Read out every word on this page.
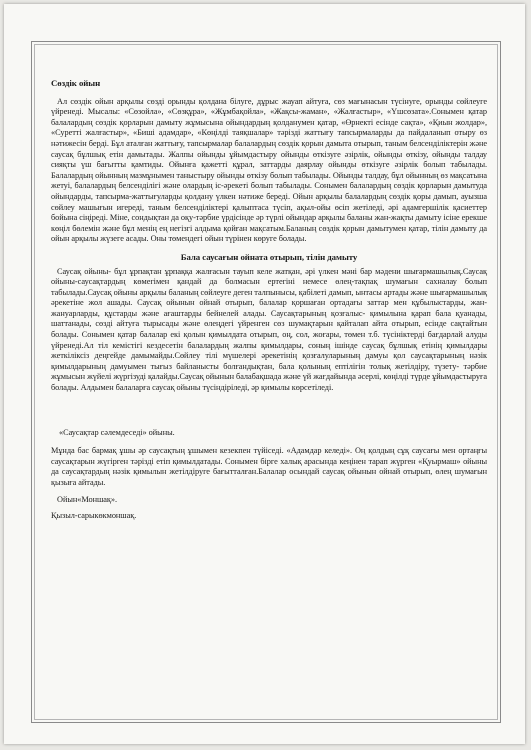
Сөздік ойын

Ал сөздік ойын арқылы сөзді орынды қолдана білуге, дұрыс жауап айтуға, сөз мағынасын түсінуге, орынды сөйлеуге үйренеді. Мысалы: «Сөзойла», «Сөзқұра», «Жұмбақойла», «Жақсы-жаман», «Жалғастыр», «Үшсөзата».Сонымен қатар балалардың сөздік қорларын дамыту жұмысына ойындардың қолданумен қатар, «Өрнекті есінде сақта», «Қиын жолдар», «Суретті жалғастыр», «Биші адамдар», «Көңілді таяқшалар» тәрізді жаттығу тапсырмаларды да пайдаланып отыру өз нәтижесін берді. Бұл аталған жаттығу, тапсырмалар балалардың сөздік қорын дамыта отырып, таным белсенділіктерін және саусақ бұлшық етін дамытады. Жалпы ойынды ұйымдастыру ойынды өткізуге әзірлік, ойынды өткізу, ойынды талдау сияқты үш бағытты қамтиды. Ойынға қажетті құрал, заттарды даярлау ойынды өткізуге әзірлік болып табылады. Балалардың ойынның мазмұнымен таныстыру ойынды өткізу болып табылады. Ойынды талдау, бұл ойынның өз мақсатына жетуі, балалардың белсенділігі және олардың іс-әрекеті болып табылады. Сонымен балалардың сөздік қорларын дамытуда ойындарды, тапсырма-жаттығуларды қолдану үлкен нәтиже береді. Ойын арқылы балалардың сөздік қоры дамып, ауызша сөйлеу машығын игереді, таным белсенділіктері қалыптаса түсіп, ақыл-ойы өсіп жетіледі, әрі адамгершілік қасиеттер бойына сіңіреді. Міне, сондықтан да оқу-тәрбие үрдісінде әр түрлі ойындар арқылы баланы жан-жақты дамыту ісіне ерекше көңіл бөлемін және бұл менің ең негізгі алдыма қойған мақсатым.Баланың сөздік қорын дамытумен қатар, тілін дамыту да ойын арқылы жүзеге асады. Оны төмендегі ойын түрінен көруге болады.

Бала саусағын ойната отырып, тілін дамыту

Саусақ ойыны- бұл ұрпақтан ұрпаққа жалғасын тауып келе жатқан, әрі үлкен мәні бар мәдени шығармашылық.Саусақ ойыны-саусақтардың көмегімен қандай да болмасын ертегіні немесе өлең-тақпақ шумағын сахналау болып табылады.Саусақ ойыны арқылы баланың сөйлеуге деген талпынысы, қабілеті дамып, ынтасы артады және шығармашылық әрекетіне жол ашады. Саусақ ойынын ойнай отырып, балалар қоршаған ортадағы заттар мен құбылыстарды, жан-жануарларды, құстарды және ағаштарды бейнелей алады. Саусақтарының қозғалыс- қимылына қарап бала қуанады, шаттанады, сөзді айтуға тырысады және өлеңдегі үйренген сөз шумақтарын қайталап айта отырып, есінде сақтайтын болады. Сонымен қатар балалар екі қолын қимылдата отырып, оң, сол, жоғары, төмен т.б. түсініктерді бағдарлай алуды үйренеді.Ал тіл кемістігі кездесетін балалардың жалпы қимылдары, соның ішінде саусақ бұлшық етінің қимылдары жеткіліксіз деңгейде дамымайды.Сөйлеу тілі мүшелері әрекетінің қозғалуларының дамуы қол саусақтарының нәзік қимылдарының дамуымен тығыз байланысты болғандықтан, бала қолының ептілігін толық жетілдіру, түзету- тәрбие жұмысын жүйелі жүргізуді қалайды.Саусақ ойынын балабақшада және үй жағдайында әсерлі, көңілді түрде ұйымдастыруға болады. Алдымен балаларға саусақ ойыны түсіндіріледі, әр қимылы көрсетіледі.

«Саусақтар сәлемдеседі» ойыны.

Мұнда бас бармақ ұшы әр саусақтың ұшымен кезекпен түйіседі. «Адамдар келеді». Оң қолдың сұқ саусағы мен ортаңғы саусақтарын жүгірген тәрізді етіп қимылдатады. Сонымен бірге халық арасында кеңінен тарап жүрген «Қуырмаш» ойыны да саусақтардың нәзік қимылын жетілдіруге бағытталған.Балалар осындай саусақ ойынын ойнай отырып, өлең шумағын қызыға айтады.

Ойын«Моншақ».

Қызыл-сарыкөкмоншақ.
